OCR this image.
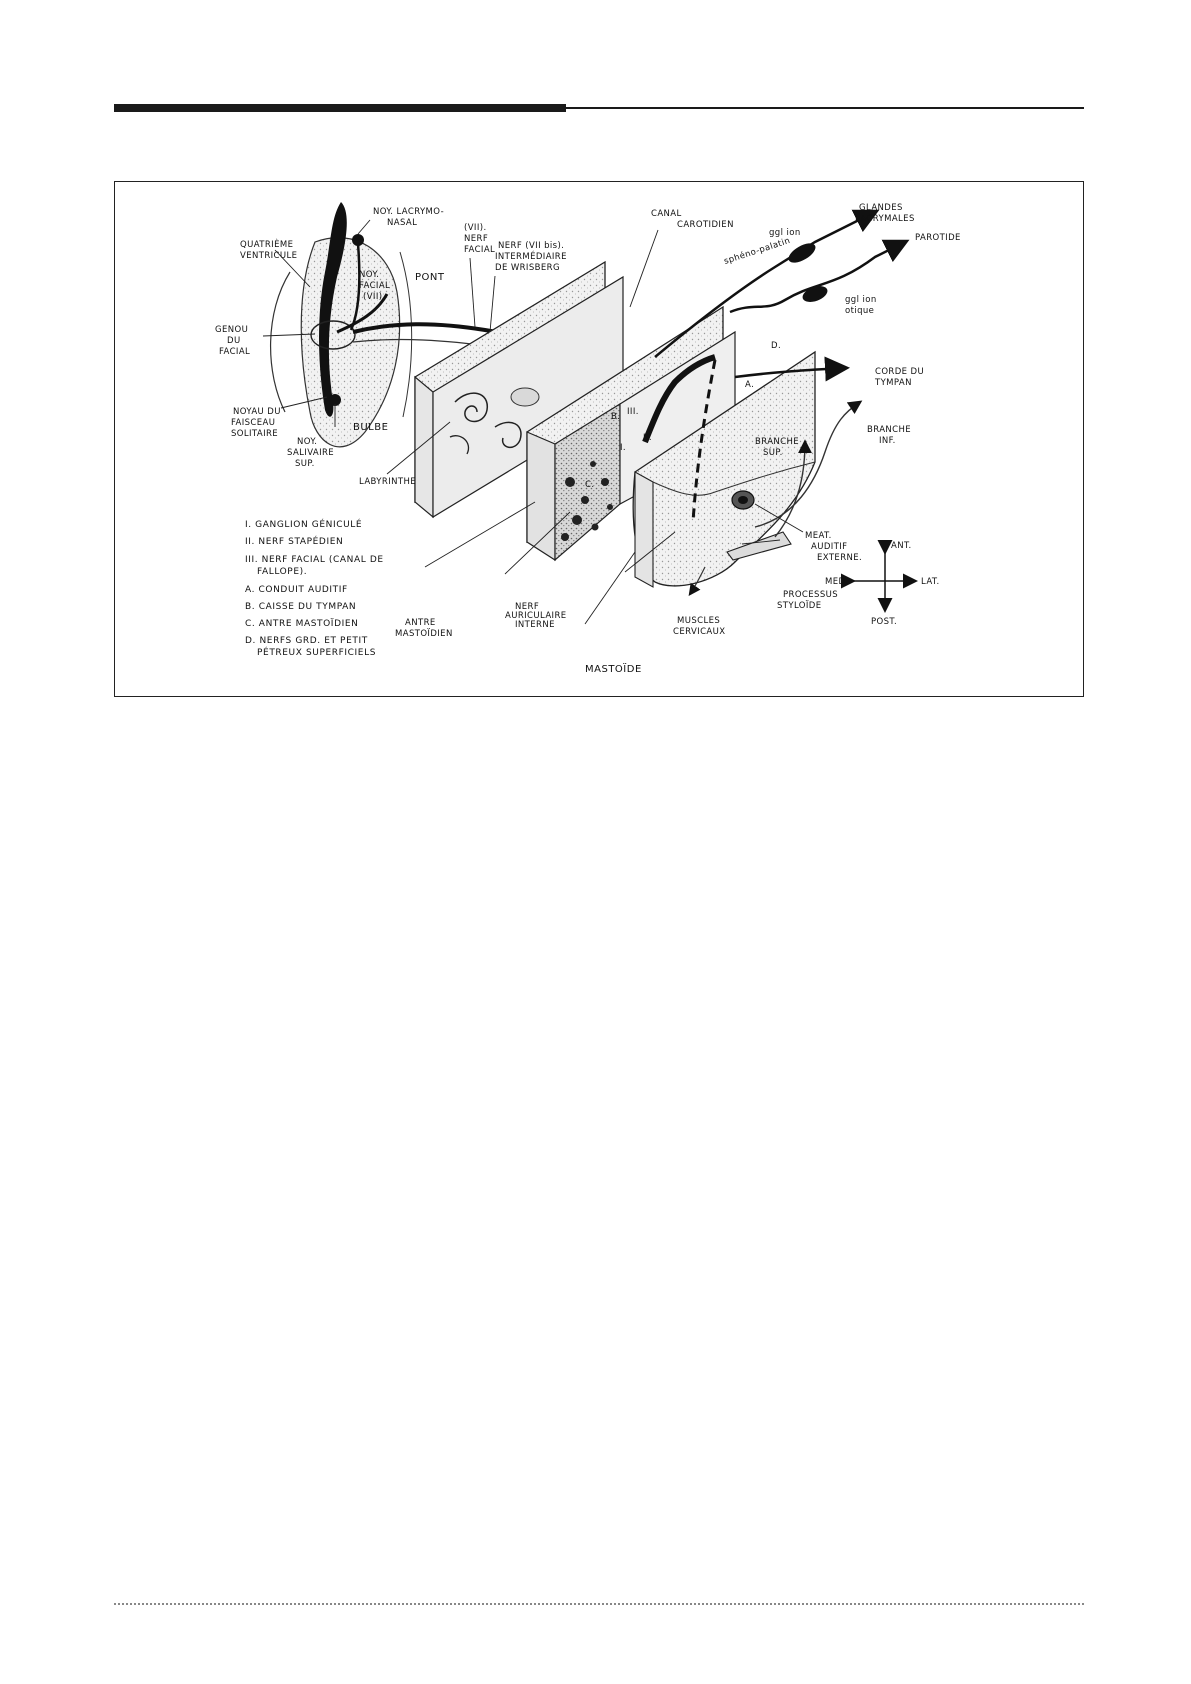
NOY. LACRYMO-
NASAL
QUATRIÈME
VENTRICULE
NOY.
FACIAL
(VII)
PONT
(VII).
NERF
FACIAL NERF (VII bis).
INTERMÉDIAIRE
DE WRISBERG
CANAL
CAROTIDIEN
ggl ion
sphéno-palatin
GLANDES
LACRYMALES
PAROTIDE
ggl ion
otique
GENOU
DU
FACIAL
D.
CORDE DU
TYMPAN
A.
NOYAU DU
FAISCEAU
SOLITAIRE
BULBE
NOY.
SALIVAIRE
SUP.
B. III.
I.
II.
C.
BRANCHE
SUP.
BRANCHE
INF.
LABYRINTHE
MEAT.
AUDITIF
EXTERNE.
PROCESSUS
STYLOÏDE
ANTRE
MASTOÏDIEN
NERF
AURICULAIRE
INTERNE	MUSCLES
CERVICAUX
MASTOÏDE
ANT.
MED.	LAT.
POST.
I. GANGLION GÉNICULÉ
II. NERF STAPÉDIEN
III. NERF FACIAL (CANAL DE
FALLOPE).
A. CONDUIT AUDITIF
B. CAISSE DU TYMPAN
C. ANTRE MASTOÏDIEN
D. NERFS GRD. ET PETIT
PÉTREUX SUPERFICIELS
